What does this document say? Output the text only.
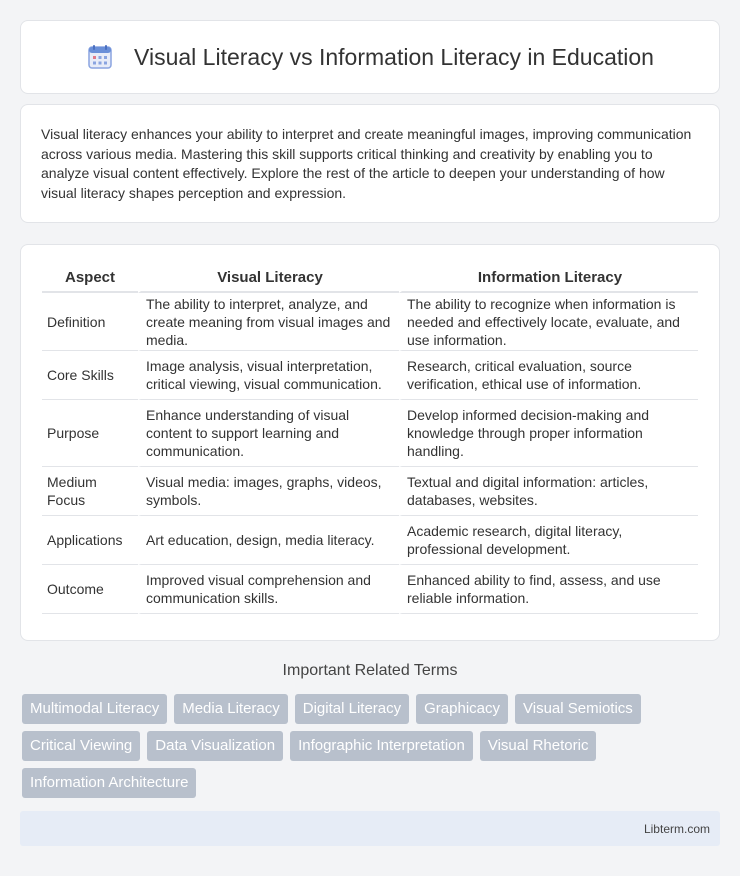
Visual Literacy vs Information Literacy in Education

Visual literacy enhances your ability to interpret and create meaningful images, improving communication across various media. Mastering this skill supports critical thinking and creativity by enabling you to analyze visual content effectively. Explore the rest of the article to deepen your understanding of how visual literacy shapes perception and expression.

Aspect	Visual Literacy	Information Literacy
Definition	The ability to interpret, analyze, and create meaning from visual images and media.	The ability to recognize when information is needed and effectively locate, evaluate, and use information.
Core Skills	Image analysis, visual interpretation, critical viewing, visual communication.	Research, critical evaluation, source verification, ethical use of information.
Purpose	Enhance understanding of visual content to support learning and communication.	Develop informed decision-making and knowledge through proper information handling.
Medium Focus	Visual media: images, graphs, videos, symbols.	Textual and digital information: articles, databases, websites.
Applications	Art education, design, media literacy.	Academic research, digital literacy, professional development.
Outcome	Improved visual comprehension and communication skills.	Enhanced ability to find, assess, and use reliable information.
Important Related Terms
Multimodal Literacy	Media Literacy	Digital Literacy	Graphicacy	Visual Semiotics
Critical Viewing	Data Visualization	Infographic Interpretation	Visual Rhetoric
Information Architecture
Libterm.com
